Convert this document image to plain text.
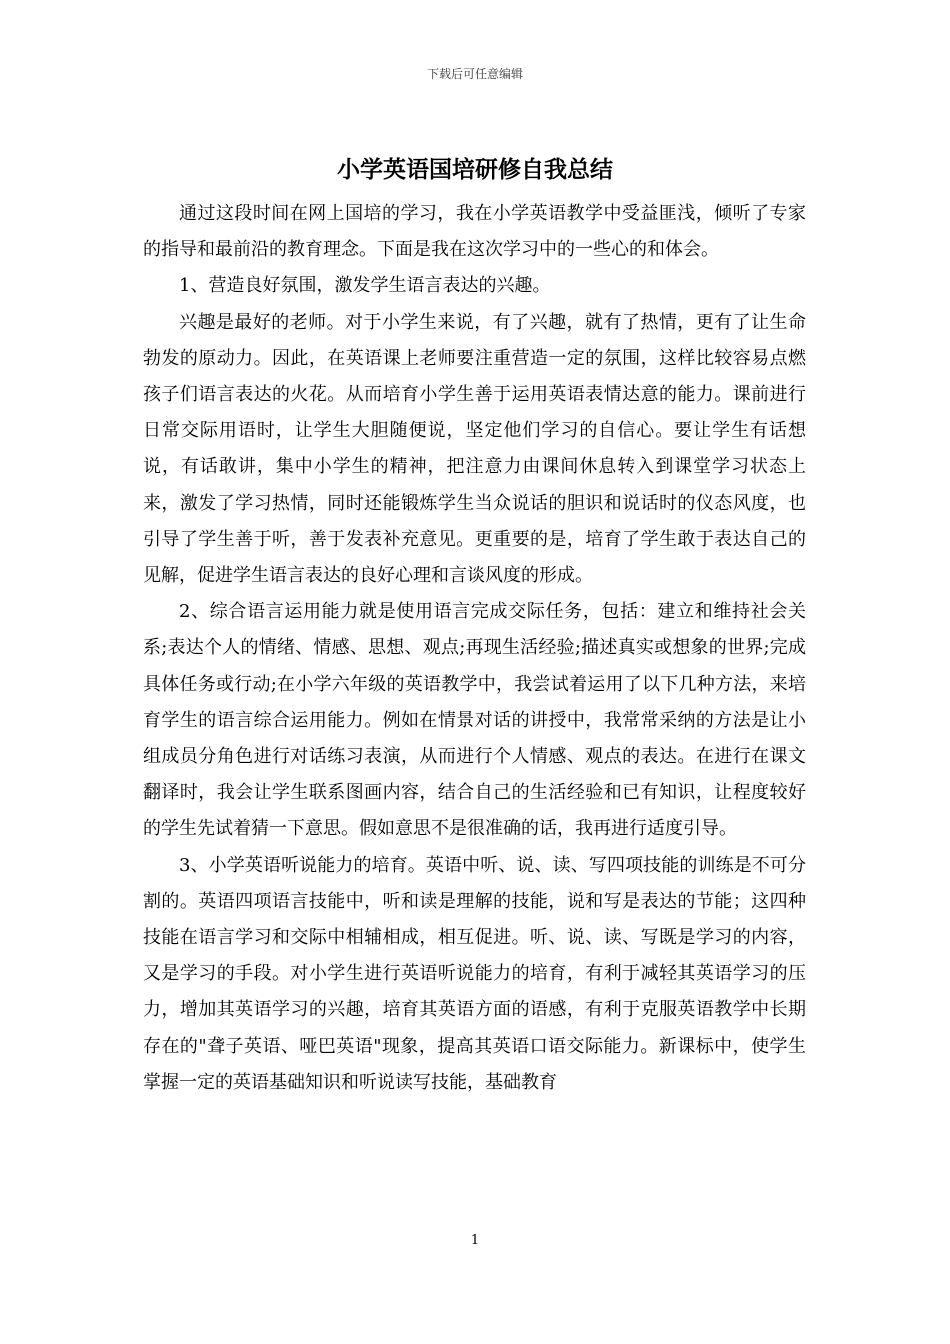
下载后可任意编辑
小学英语国培研修自我总结

通过这段时间在网上国培的学习，我在小学英语教学中受益匪浅，倾听了专家的指导和最前沿的教育理念。下面是我在这次学习中的一些心的和体会。

1、营造良好氛围，激发学生语言表达的兴趣。

兴趣是最好的老师。对于小学生来说，有了兴趣，就有了热情，更有了让生命勃发的原动力。因此，在英语课上老师要注重营造一定的氛围，这样比较容易点燃孩子们语言表达的火花。从而培育小学生善于运用英语表情达意的能力。课前进行日常交际用语时，让学生大胆随便说，坚定他们学习的自信心。要让学生有话想说，有话敢讲，集中小学生的精神，把注意力由课间休息转入到课堂学习状态上来，激发了学习热情，同时还能锻炼学生当众说话的胆识和说话时的仪态风度，也引导了学生善于听，善于发表补充意见。更重要的是，培育了学生敢于表达自己的见解，促进学生语言表达的良好心理和言谈风度的形成。

2、综合语言运用能力就是使用语言完成交际任务，包括：建立和维持社会关系;表达个人的情绪、情感、思想、观点;再现生活经验;描述真实或想象的世界;完成具体任务或行动;在小学六年级的英语教学中，我尝试着运用了以下几种方法，来培育学生的语言综合运用能力。例如在情景对话的讲授中，我常常采纳的方法是让小组成员分角色进行对话练习表演，从而进行个人情感、观点的表达。在进行在课文翻译时，我会让学生联系图画内容，结合自己的生活经验和已有知识，让程度较好的学生先试着猜一下意思。假如意思不是很准确的话，我再进行适度引导。

3、小学英语听说能力的培育。英语中听、说、读、写四项技能的训练是不可分割的。英语四项语言技能中，听和读是理解的技能，说和写是表达的节能；这四种技能在语言学习和交际中相辅相成，相互促进。听、说、读、写既是学习的内容，又是学习的手段。对小学生进行英语听说能力的培育，有利于减轻其英语学习的压力，增加其英语学习的兴趣，培育其英语方面的语感，有利于克服英语教学中长期存在的"聋子英语、哑巴英语"现象，提高其英语口语交际能力。新课标中，使学生掌握一定的英语基础知识和听说读写技能，基础教育

1
